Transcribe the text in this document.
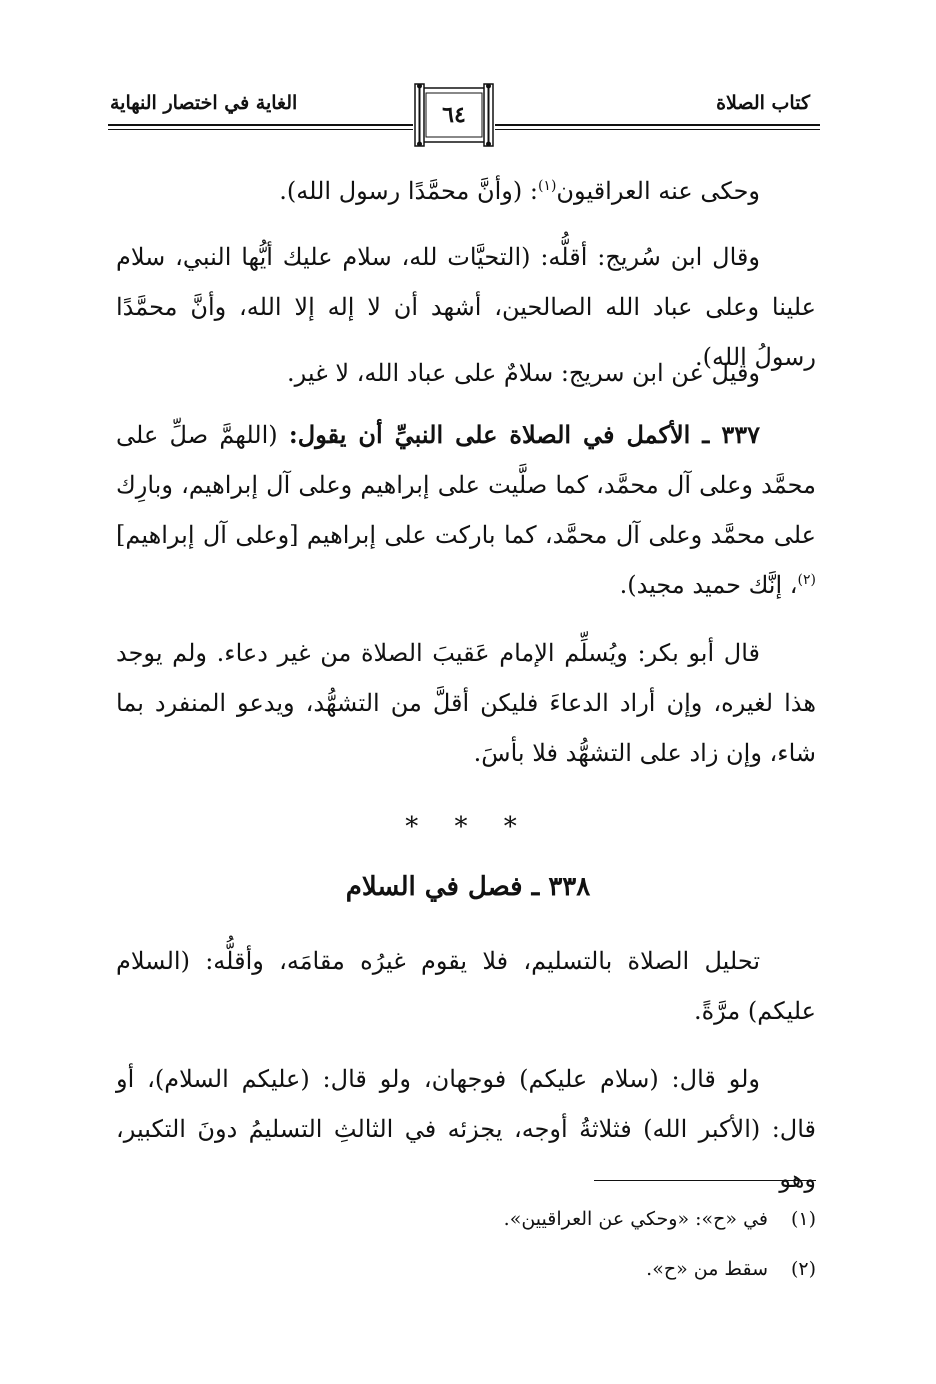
كتاب الصلاة
الغاية في اختصار النهاية	٦٤

وحكى عنه العراقيون$^{(١)}$: (وأنَّ محمَّدًا رسول الله).

وقال ابن سُريج: أقلُّه: (التحيَّات لله، سلام عليك أيُّها النبي، سلام علينا وعلى عباد الله الصالحين، أشهد أن لا إله إلا الله، وأنَّ محمَّدًا رسولُ الله).

وقيل عن ابن سريج: سلامٌ على عباد الله، لا غير.

٣٣٧ ـ الأكمل في الصلاة على النبيِّ أن يقول: (اللهمَّ صلِّ على محمَّد وعلى آل محمَّد، كما صلَّيت على إبراهيم وعلى آل إبراهيم، وبارِك على محمَّد وعلى آل محمَّد، كما باركت على إبراهيم [وعلى آل إبراهيم]$^{(٢)}$، إنَّك حميد مجيد).

قال أبو بكر: ويُسلِّم الإمام عَقيبَ الصلاة من غير دعاء. ولم يوجد هذا لغيره، وإن أراد الدعاءَ فليكن أقلَّ من التشهُّد، ويدعو المنفرد بما شاء، وإن زاد على التشهُّد فلا بأسَ.

* * *
٣٣٨ ـ فصل في السلام

تحليل الصلاة بالتسليم، فلا يقوم غيرُه مقامَه، وأقلُّه: (السلام عليكم) مرَّةً.

ولو قال: (سلام عليكم) فوجهان، ولو قال: (عليكم السلام)، أو قال: (الأكبر الله) فثلاثةُ أوجه، يجزئه في الثالثِ التسليمُ دونَ التكبير، وهو

(١)في «ح»: «وحكي عن العراقيين».
(٢)سقط من «ح».
